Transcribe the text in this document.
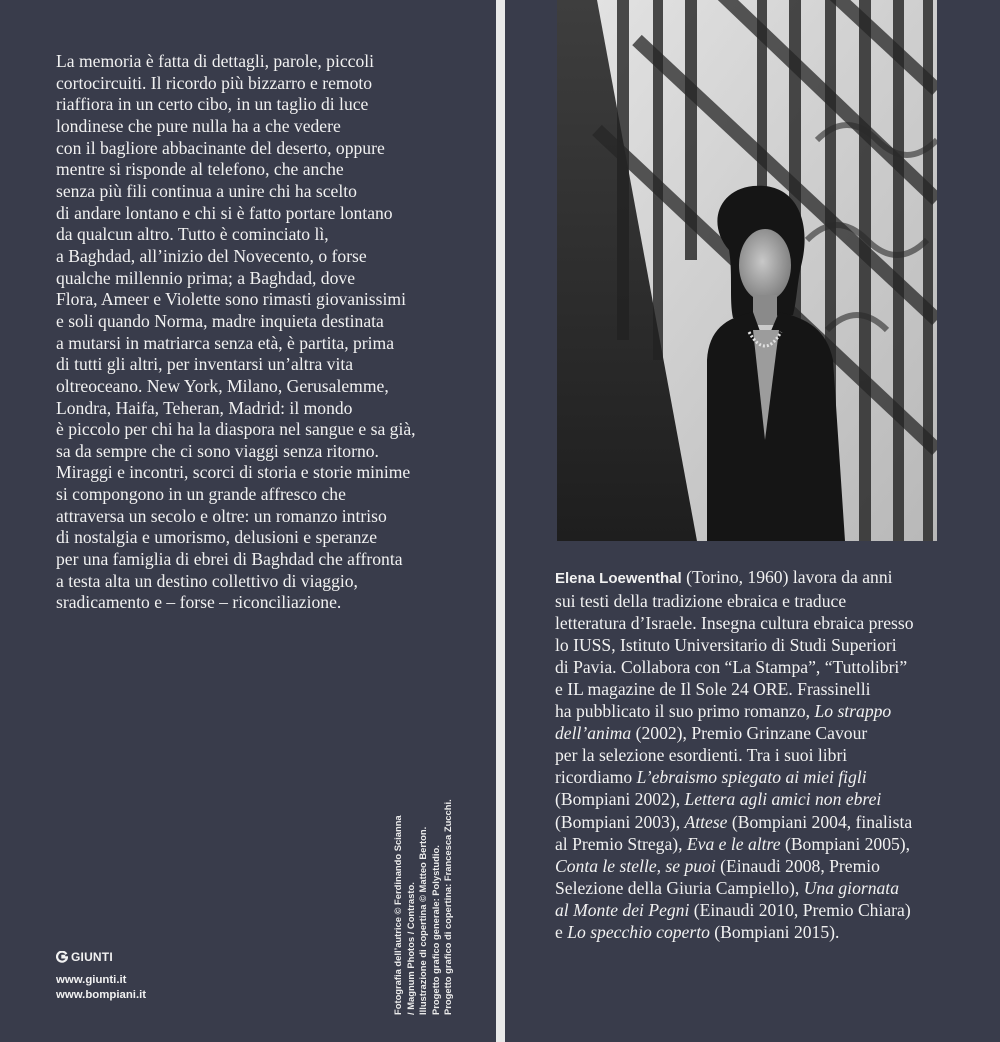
La memoria è fatta di dettagli, parole, piccoli

cortocircuiti. Il ricordo più bizzarro e remoto

riaffiora in un certo cibo, in un taglio di luce

londinese che pure nulla ha a che vedere

con il bagliore abbacinante del deserto, oppure

mentre si risponde al telefono, che anche

senza più fili continua a unire chi ha scelto

di andare lontano e chi si è fatto portare lontano

da qualcun altro. Tutto è cominciato lì,

a Baghdad, all’inizio del Novecento, o forse

qualche millennio prima; a Baghdad, dove

Flora, Ameer e Violette sono rimasti giovanissimi

e soli quando Norma, madre inquieta destinata

a mutarsi in matriarca senza età, è partita, prima

di tutti gli altri, per inventarsi un’altra vita

oltreoceano. New York, Milano, Gerusalemme,

Londra, Haifa, Teheran, Madrid: il mondo

è piccolo per chi ha la diaspora nel sangue e sa già,

sa da sempre che ci sono viaggi senza ritorno.

Miraggi e incontri, scorci di storia e storie minime

si compongono in un grande affresco che

attraversa un secolo e oltre: un romanzo intriso

di nostalgia e umorismo, delusioni e speranze

per una famiglia di ebrei di Baghdad che affronta

a testa alta un destino collettivo di viaggio,

sradicamento e – forse – riconciliazione.

Fotografia dell’autrice © Ferdinando Scianna / Magnum Photos / Contrasto. Illustrazione di copertina © Matteo Berton. Progetto grafico generale: Polystudio. Progetto grafico di copertina: Francesca Zucchi.
GIUNTI
www.giunti.it
www.bompiani.it

Elena Loewenthal (Torino, 1960) lavora da anni

sui testi della tradizione ebraica e traduce

letteratura d’Israele. Insegna cultura ebraica presso

lo IUSS, Istituto Universitario di Studi Superiori

di Pavia. Collabora con “La Stampa”, “Tuttolibri”

e IL magazine de Il Sole 24 ORE. Frassinelli

ha pubblicato il suo primo romanzo, Lo strappo

dell’anima (2002), Premio Grinzane Cavour

per la selezione esordienti. Tra i suoi libri

ricordiamo L’ebraismo spiegato ai miei figli

(Bompiani 2002), Lettera agli amici non ebrei

(Bompiani 2003), Attese (Bompiani 2004, finalista

al Premio Strega), Eva e le altre (Bompiani 2005),

Conta le stelle, se puoi (Einaudi 2008, Premio

Selezione della Giuria Campiello), Una giornata

al Monte dei Pegni (Einaudi 2010, Premio Chiara)

e Lo specchio coperto (Bompiani 2015).
